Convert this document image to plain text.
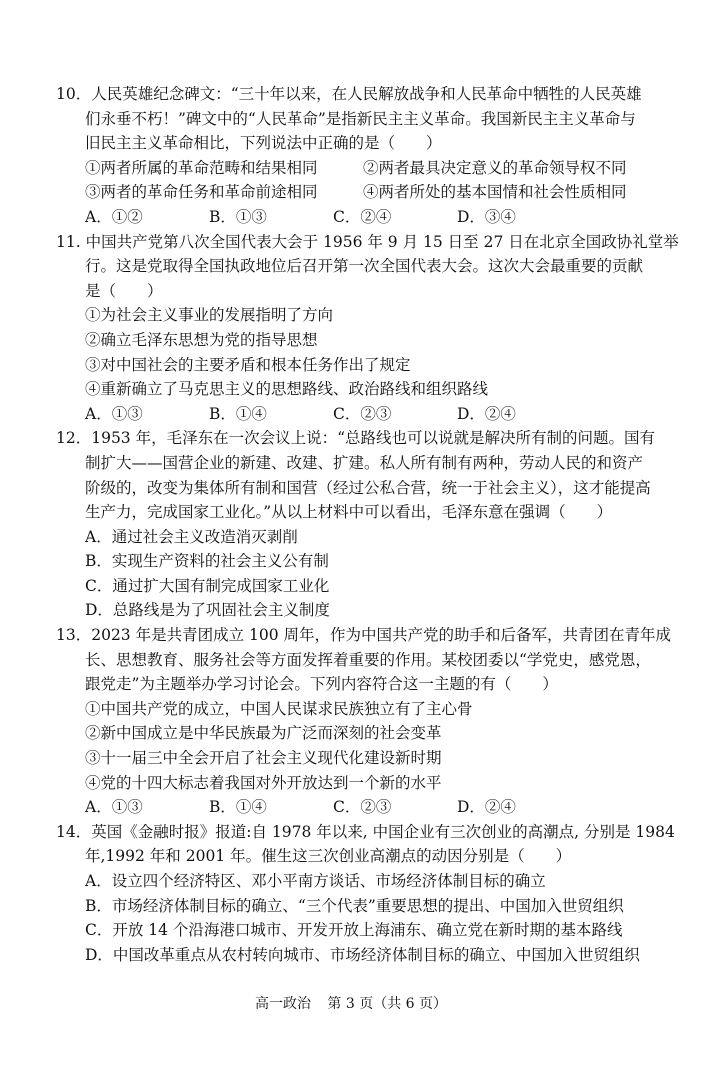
10．人民英雄纪念碑文：“三十年以来，在人民解放战争和人民革命中牺牲的人民英雄
们永垂不朽！”碑文中的“人民革命”是指新民主主义革命。我国新民主主义革命与
旧民主主义革命相比，下列说法中正确的是（　　）
①两者所属的革命范畴和结果相同	②两者最具决定意义的革命领导权不同
③两者的革命任务和革命前途相同	④两者所处的基本国情和社会性质相同
A．①②	B．①③	C．②④	D．③④
11. 中国共产党第八次全国代表大会于 1956 年 9 月 15 日至 27 日在北京全国政协礼堂举
行。这是党取得全国执政地位后召开第一次全国代表大会。这次大会最重要的贡献
是（　　）
①为社会主义事业的发展指明了方向
②确立毛泽东思想为党的指导思想
③对中国社会的主要矛盾和根本任务作出了规定
④重新确立了马克思主义的思想路线、政治路线和组织路线
A．①③	B．①④	C．②③	D．②④
12．1953 年，毛泽东在一次会议上说：“总路线也可以说就是解决所有制的问题。国有
制扩大——国营企业的新建、改建、扩建。私人所有制有两种，劳动人民的和资产
阶级的，改变为集体所有制和国营（经过公私合营，统一于社会主义），这才能提高
生产力，完成国家工业化。”从以上材料中可以看出，毛泽东意在强调（　　）
A．通过社会主义改造消灭剥削
B．实现生产资料的社会主义公有制
C．通过扩大国有制完成国家工业化
D．总路线是为了巩固社会主义制度
13．2023 年是共青团成立 100 周年，作为中国共产党的助手和后备军，共青团在青年成
长、思想教育、服务社会等方面发挥着重要的作用。某校团委以“学党史，感党恩，
跟党走”为主题举办学习讨论会。下列内容符合这一主题的有（　　）
①中国共产党的成立，中国人民谋求民族独立有了主心骨
②新中国成立是中华民族最为广泛而深刻的社会变革
③十一届三中全会开启了社会主义现代化建设新时期
④党的十四大标志着我国对外开放达到一个新的水平
A．①③	B．①④	C．②③	D．②④
14．英国《金融时报》报道:自 1978 年以来, 中国企业有三次创业的高潮点, 分别是 1984
年,1992 年和 2001 年。催生这三次创业高潮点的动因分别是（　　）
A．设立四个经济特区、邓小平南方谈话、市场经济体制目标的确立
B．市场经济体制目标的确立、“三个代表”重要思想的提出、中国加入世贸组织
C．开放 14 个沿海港口城市、开发开放上海浦东、确立党在新时期的基本路线
D．中国改革重点从农村转向城市、市场经济体制目标的确立、中国加入世贸组织
高一政治 第 3 页（共 6 页）
